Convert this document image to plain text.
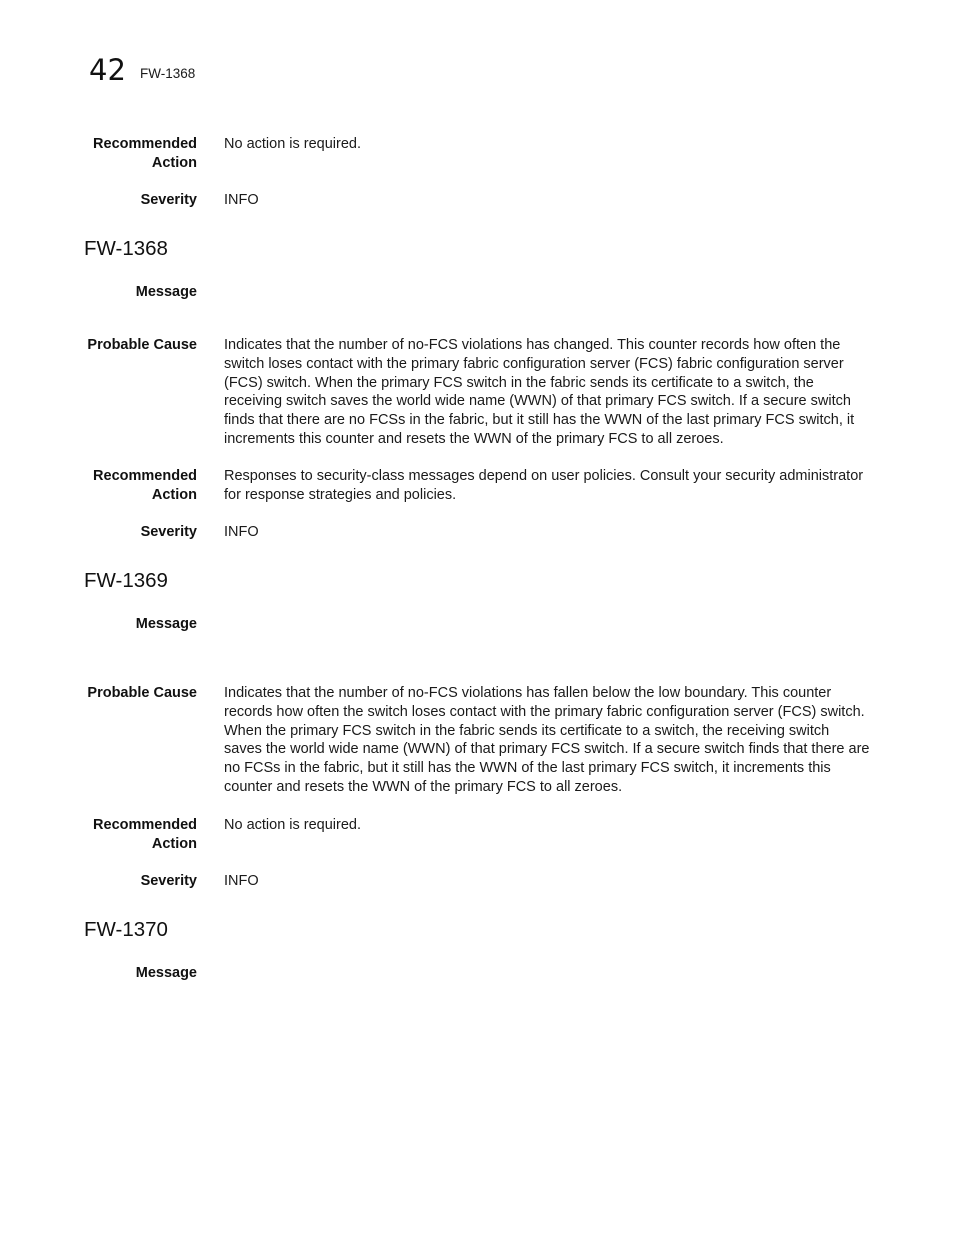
42 FW-1368
Recommended
Action
No action is required.
Severity INFO
FW-1368
Message
Probable Cause Indicates that the number of no-FCS violations has changed. This counter records how often the switch loses contact with the primary fabric configuration server (FCS) fabric configuration server (FCS) switch. When the primary FCS switch in the fabric sends its certificate to a switch, the receiving switch saves the world wide name (WWN) of that primary FCS switch. If a secure switch finds that there are no FCSs in the fabric, but it still has the WWN of the last primary FCS switch, it increments this counter and resets the WWN of the primary FCS to all zeroes.
Recommended
Action
Responses to security-class messages depend on user policies. Consult your security administrator for response strategies and policies.
Severity INFO
FW-1369
Message
Probable Cause Indicates that the number of no-FCS violations has fallen below the low boundary. This counter records how often the switch loses contact with the primary fabric configuration server (FCS) switch. When the primary FCS switch in the fabric sends its certificate to a switch, the receiving switch saves the world wide name (WWN) of that primary FCS switch. If a secure switch finds that there are no FCSs in the fabric, but it still has the WWN of the last primary FCS switch, it increments this counter and resets the WWN of the primary FCS to all zeroes.
Recommended
Action
No action is required.
Severity INFO
FW-1370
Message
